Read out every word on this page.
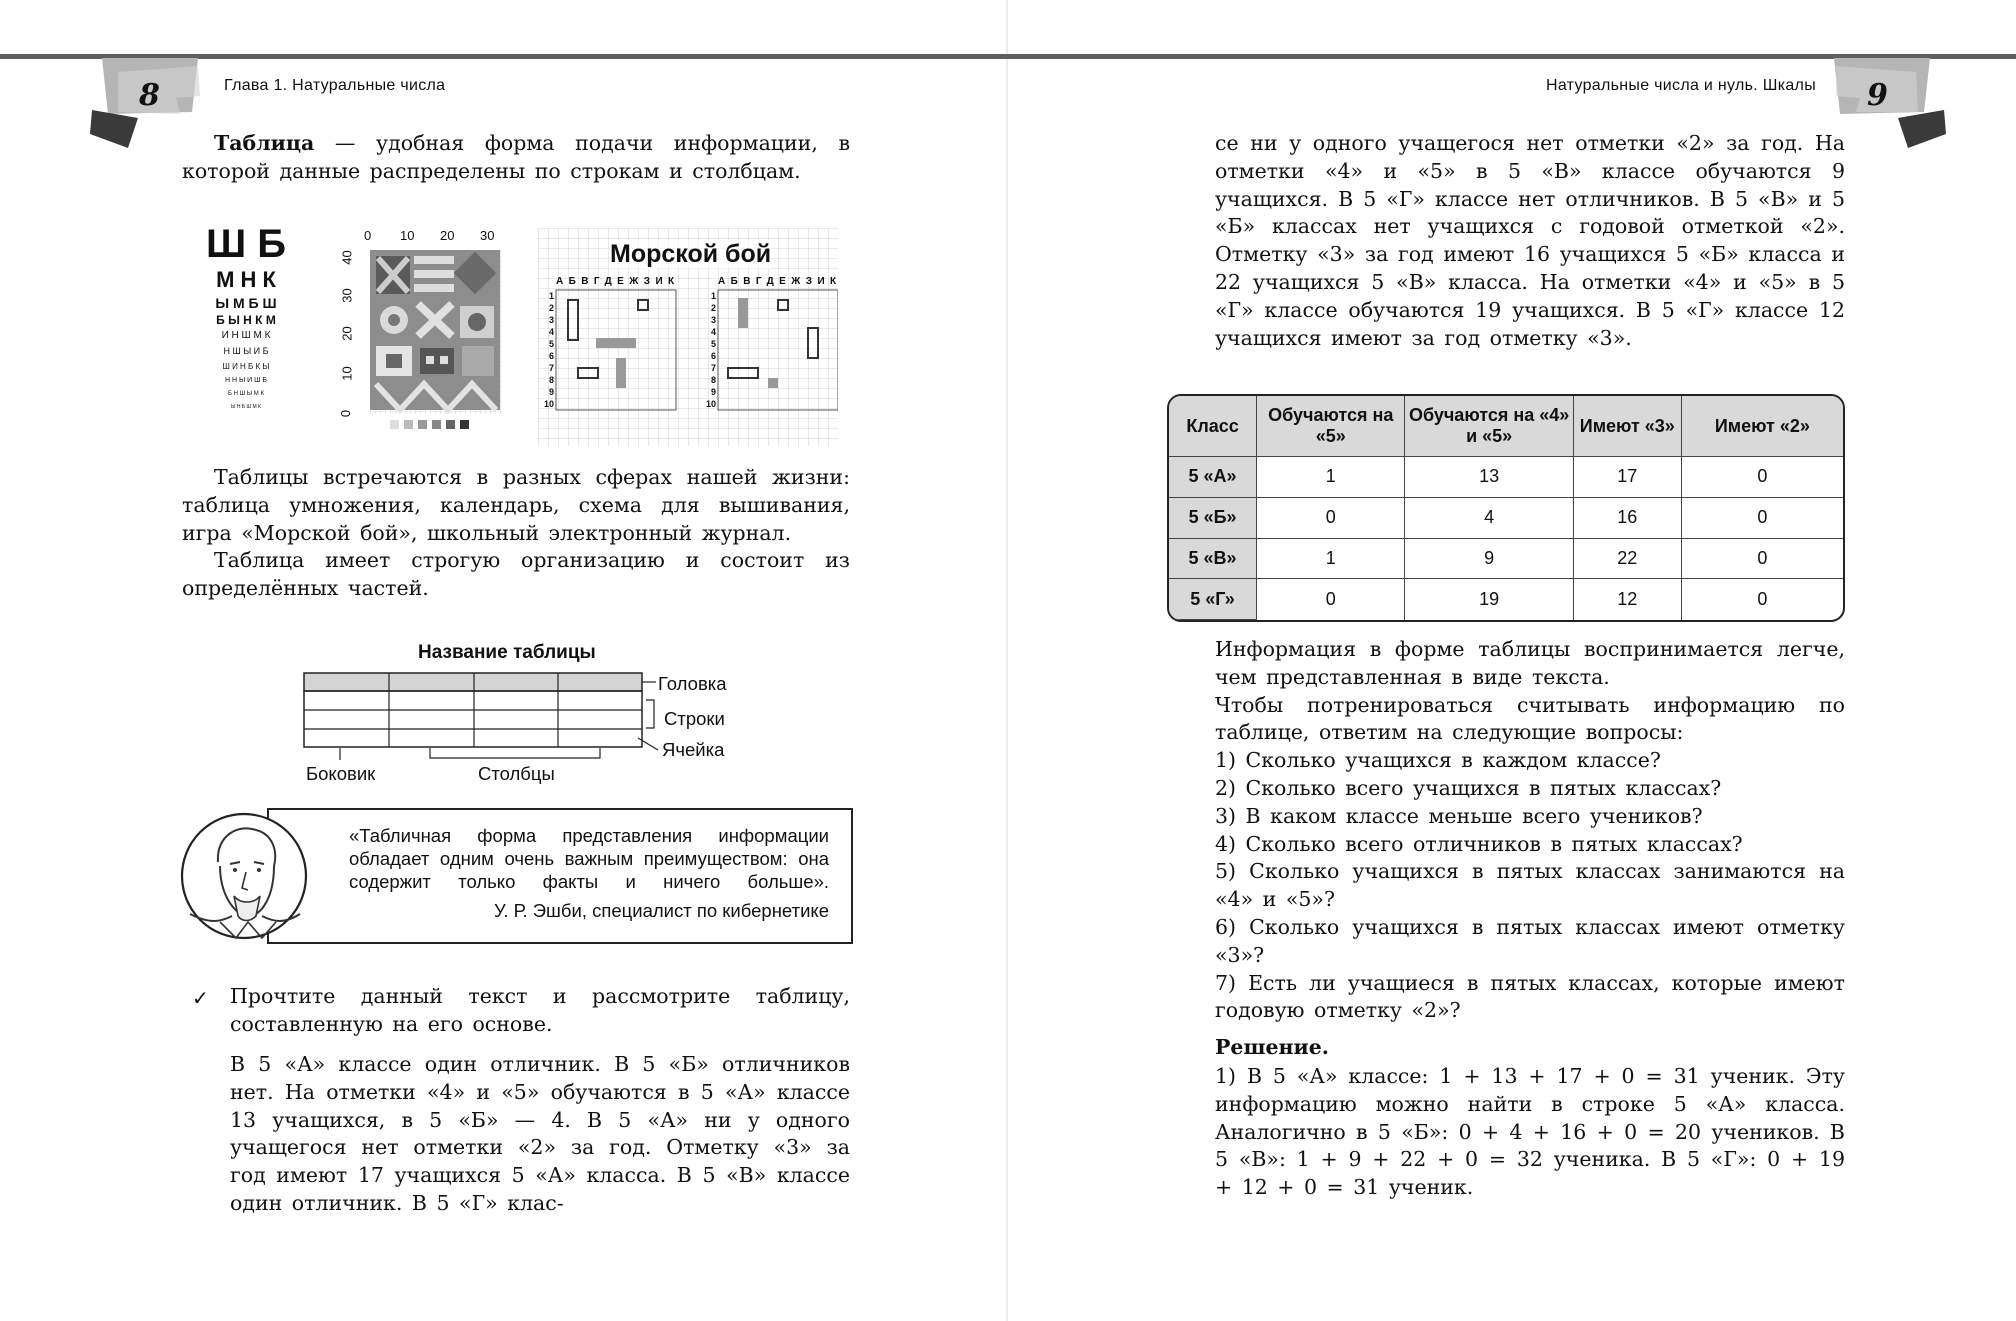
8	Глава 1. Натуральные числа

Таблица — удобная форма подачи информации, в которой данные распределены по строкам и столбцам.

Ш Б
М Н К
Ы М Б Ш
Б Ы Н К М
И Н Ш М К
Н Ш Ы И Б
Ш И Н Б К Ы
Н Н Ы И Ш Б
Б Н Ш Ы М К
Ы Н Б Ш М К
0 10 20 30
40
30
20
10
0
Морской бой
АБВГДЕЖЗИК	АБВГДЕЖЗИК
1
2
3
4
5
6
7
8
9
10
1
2
3
4
5
6
7
8
9
10

Таблицы встречаются в разных сферах нашей жизни: таблица умножения, календарь, схема для вышивания, игра «Морской бой», школьный электронный журнал.

Таблица имеет строгую организацию и состоит из определённых частей.

Название таблицы
Головка
Строки
Ячейка
Боковик	Столбцы
«Табличная форма представления информации обладает одним очень важным преимуществом: она содержит только факты и ничего больше».
У. Р. Эшби, специалист по кибернетике
✓ Прочтите данный текст и рассмотрите таблицу, составленную на его основе.
В 5 «А» классе один отличник. В 5 «Б» отличников нет. На отметки «4» и «5» обучаются в 5 «А» классе 13 учащихся, в 5 «Б» — 4. В 5 «А» ни у одного учащегося нет отметки «2» за год. Отметку «3» за год имеют 17 учащихся 5 «А» класса. В 5 «В» классе один отличник. В 5 «Г» клас-
9
Натуральные числа и нуль. Шкалы
се ни у одного учащегося нет отметки «2» за год. На отметки «4» и «5» в 5 «В» классе обучаются 9 учащихся. В 5 «Г» классе нет отличников. В 5 «В» и 5 «Б» классах нет учащихся с годовой отметкой «2». Отметку «3» за год имеют 16 учащихся 5 «Б» класса и 22 учащихся 5 «В» класса. На отметки «4» и «5» в 5 «Г» классе обучаются 19 учащихся. В 5 «Г» классе 12 учащихся имеют за год отметку «3».
Класс	Обучаются на «5»	Обучаются на «4» и «5»	Имеют «3»	Имеют «2»
5 «А»	1	13	17	0
5 «Б»	0	4	16	0
5 «В»	1	9	22	0
5 «Г»	0	19	12	0

Информация в форме таблицы воспринимается легче, чем представленная в виде текста.

Чтобы потренироваться считывать информацию по таблице, ответим на следующие вопросы:

1) Сколько учащихся в каждом классе?

2) Сколько всего учащихся в пятых классах?

3) В каком классе меньше всего учеников?

4) Сколько всего отличников в пятых классах?

5) Сколько учащихся в пятых классах занимаются на «4» и «5»?

6) Сколько учащихся в пятых классах имеют отметку «3»?

7) Есть ли учащиеся в пятых классах, которые имеют годовую отметку «2»?

Решение.
1) В 5 «А» классе: 1 + 13 + 17 + 0 = 31 ученик. Эту информацию можно найти в строке 5 «А» класса. Аналогично в 5 «Б»: 0 + 4 + 16 + 0 = 20 учеников. В 5 «В»: 1 + 9 + 22 + 0 = 32 ученика. В 5 «Г»: 0 + 19 + 12 + 0 = 31 ученик.
